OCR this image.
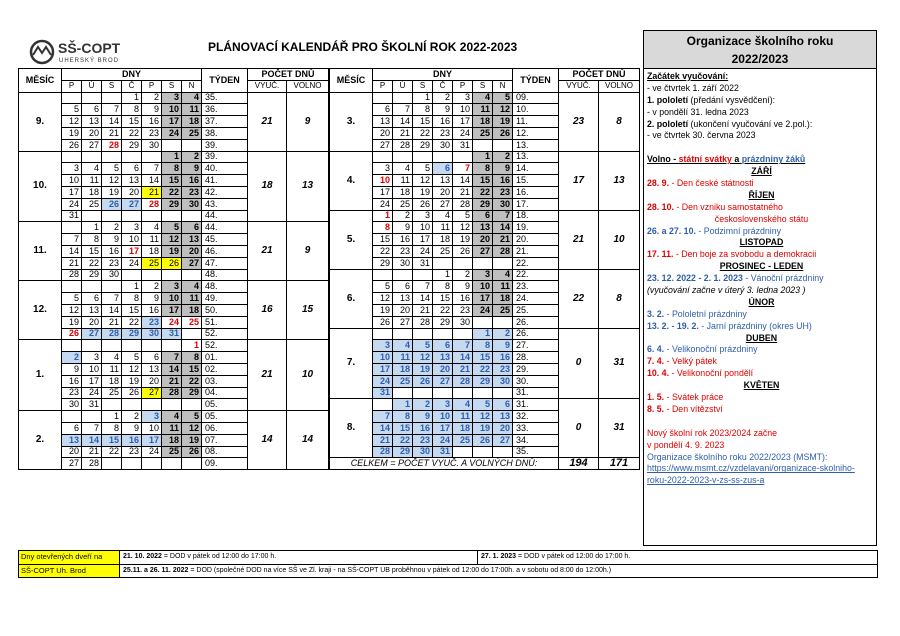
SŠ-COPT
UHERSKÝ BROD
PLÁNOVACÍ KALENDÁŘ PRO ŠKOLNÍ ROK 2022-2023
MĚSÍC	DNY							TÝDEN	POČET DNŮ	
	P	Ú	S	Č	P	S	N		VYUČ.	VOLNO
9.				1	2	3	4	35.	21	9
	5	6	7	8	9	10	11	36.		
	12	13	14	15	16	17	18	37.		
	19	20	21	22	23	24	25	38.		
	26	27	28	29	30			39.		
10.						1	2	39.	18	13
	3	4	5	6	7	8	9	40.		
	10	11	12	13	14	15	16	41.		
	17	18	19	20	21	22	23	42.		
	24	25	26	27	28	29	30	43.		
	31							44.		
11.		1	2	3	4	5	6	44.	21	9
	7	8	9	10	11	12	13	45.		
	14	15	16	17	18	19	20	46.		
	21	22	23	24	25	26	27	47.		
	28	29	30					48.		
12.				1	2	3	4	48.	16	15
	5	6	7	8	9	10	11	49.		
	12	13	14	15	16	17	18	50.		
	19	20	21	22	23	24	25	51.		
	26	27	28	29	30	31		52.		
1.							1	52.	21	10
	2	3	4	5	6	7	8	01.		
	9	10	11	12	13	14	15	02.		
	16	17	18	19	20	21	22	03.		
	23	24	25	26	27	28	29	04.		
	30	31						05.		
2.			1	2	3	4	5	05.	14	14
	6	7	8	9	10	11	12	06.		
	13	14	15	16	17	18	19	07.		
	20	21	22	23	24	25	26	08.		
	27	28						09.		
MĚSÍC	DNY							TÝDEN	POČET DNŮ	
	P	Ú	S	Č	P	S	N		VYUČ.	VOLNO
3.			1	2	3	4	5	09.	23	8
	6	7	8	9	10	11	12	10.		
	13	14	15	16	17	18	19	11.		
	20	21	22	23	24	25	26	12.		
	27	28	29	30	31			13.		
4.						1	2	13.	17	13
	3	4	5	6	7	8	9	14.		
	10	11	12	13	14	15	16	15.		
	17	18	19	20	21	22	23	16.		
	24	25	26	27	28	29	30	17.		
5.	1	2	3	4	5	6	7	18.	21	10
	8	9	10	11	12	13	14	19.		
	15	16	17	18	19	20	21	20.		
	22	23	24	25	26	27	28	21.		
	29	30	31					22.		
6.				1	2	3	4	22.	22	8
	5	6	7	8	9	10	11	23.		
	12	13	14	15	16	17	18	24.		
	19	20	21	22	23	24	25	25.		
	26	27	28	29	30			26.		
7.						1	2	26.	0	31
	3	4	5	6	7	8	9	27.		
	10	11	12	13	14	15	16	28.		
	17	18	19	20	21	22	23	29.		
	24	25	26	27	28	29	30	30.		
	31							31.		
8.		1	2	3	4	5	6	31.	0	31
	7	8	9	10	11	12	13	32.		
	14	15	16	17	18	19	20	33.		
	21	22	23	24	25	26	27	34.		
	28	29	30	31				35.		
CELKEM = POČET VYUČ. A VOLNÝCH DNŮ:									194	171
Organizace školního roku
2022/2023
Začátek vyučování:
- ve čtvrtek 1. září 2022
1. pololetí (předání vysvědčení):
- v pondělí 31. ledna 2023
2. pololetí (ukončení vyučování ve 2.pol.):
- ve čtvrtek 30. června 2023
Volno - státní svátky a prázdniny žáků
ZÁŘÍ
28. 9. - Den české státnosti
ŘÍJEN
28. 10. - Den vzniku samostatného
československého státu
26. a 27. 10. - Podzimní prázdniny
LISTOPAD
17. 11. - Den boje za svobodu a demokracii
PROSINEC - LEDEN
23. 12. 2022 - 2. 1. 2023 - Vánoční prázdniny
(vyučování začne v úterý 3. ledna 2023 )
ÚNOR
3. 2. - Pololetní prázdniny
13. 2. - 19. 2. - Jarní prázdniny (okres UH)
DUBEN
6. 4. - Velikonoční prázdniny
7. 4. - Velký pátek
10. 4. - Velikonoční pondělí
KVĚTEN
1. 5. - Svátek práce
8. 5. - Den vítězství
Nový školní rok 2023/2024 začne
v pondělí 4. 9. 2023
Organizace školního roku 2022/2023 (MSMT):
https://www.msmt.cz/vzdelavani/organizace-skolniho-
roku-2022-2023-v-zs-ss-zus-a
Dny otevřených dveří na	21. 10. 2022 = DOD v pátek od 12:00 do 17:00 h.	27. 1. 2023 = DOD v pátek od 12:00 do 17:00 h.
SŠ-COPT Uh. Brod	25.11. a 26. 11. 2022 = DOD (společné DOD na více SŠ ve Zl. kraji - na SŠ-COPT UB proběhnou v pátek od 12:00 do 17:00h. a v sobotu od 8:00 do 12:00h.)
